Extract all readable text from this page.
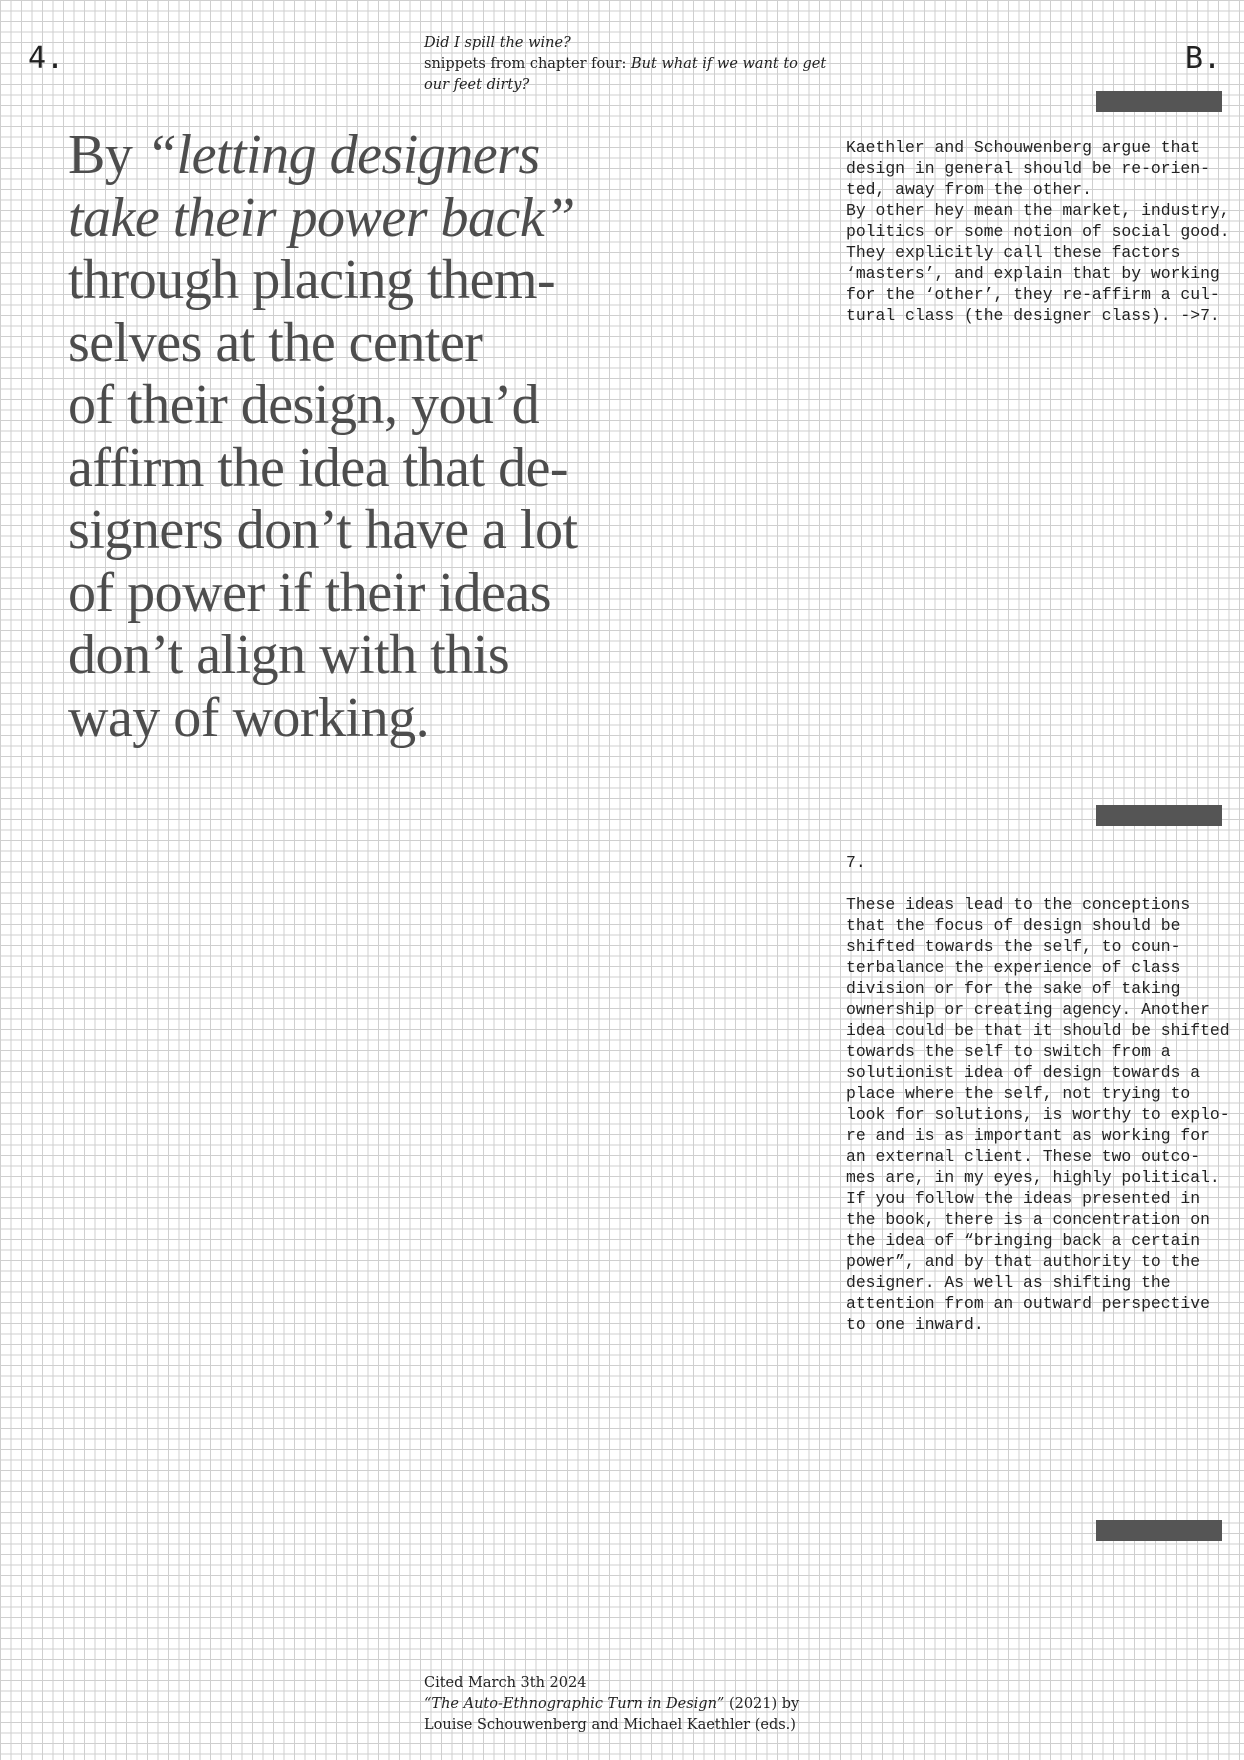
4.	B.
Did I spill the wine?
snippets from chapter four: But what if we want to get
our feet dirty?
By “letting designers
take their power back”
through placing them-
selves at the center
of their design, you’d
affirm the idea that de-
signers don’t have a lot
of power if their ideas
don’t align with this
way of working.
Kaethler and Schouwenberg argue that
design in general should be re-orien-
ted, away from the other.
By other hey mean the market, industry,
politics or some notion of social good.
They explicitly call these factors
‘masters’, and explain that by working
for the ‘other’, they re-affirm a cul-
tural class (the designer class). ->7.
7.
These ideas lead to the conceptions
that the focus of design should be
shifted towards the self, to coun-
terbalance the experience of class
division or for the sake of taking
ownership or creating agency. Another
idea could be that it should be shifted
towards the self to switch from a
solutionist idea of design towards a
place where the self, not trying to
look for solutions, is worthy to explo-
re and is as important as working for
an external client. These two outco-
mes are, in my eyes, highly political.
If you follow the ideas presented in
the book, there is a concentration on
the idea of “bringing back a certain
power”, and by that authority to the
designer. As well as shifting the
attention from an outward perspective
to one inward.
Cited March 3th 2024
“The Auto-Ethnographic Turn in Design” (2021) by
Louise Schouwenberg and Michael Kaethler (eds.)
